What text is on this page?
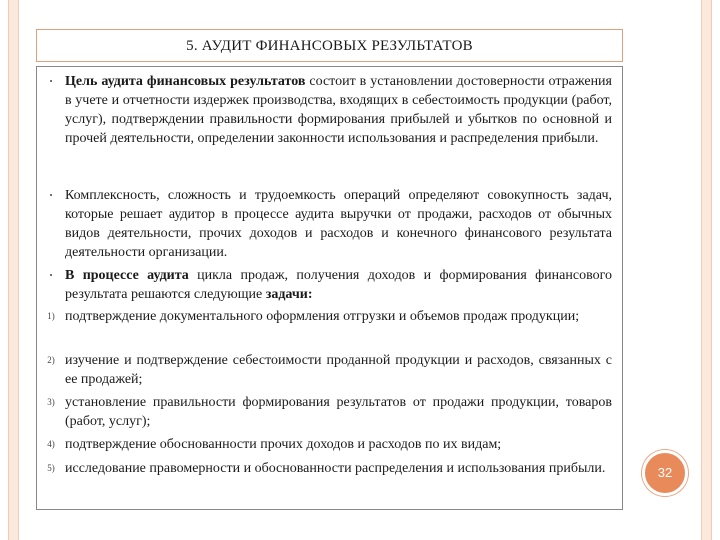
5. АУДИТ ФИНАНСОВЫХ РЕЗУЛЬТАТОВ
• Цель аудита финансовых результатов состоит в установлении достоверности отражения в учете и отчетности издержек производства, входящих в себестоимость продукции (работ, услуг), подтверждении правильности формирования прибылей и убытков по основной и прочей деятельности, определении законности использования и распределения прибыли.
• Комплексность, сложность и трудоемкость операций определяют совокупность задач, которые решает аудитор в процессе аудита выручки от продажи, расходов от обычных видов деятельности, прочих доходов и расходов и конечного финансового результата деятельности организации.
• В процессе аудита цикла продаж, получения доходов и формирования финансового результата решаются следующие задачи:
1) подтверждение документального оформления отгрузки и объемов продаж продукции;
2) изучение и подтверждение себестоимости проданной продукции и расходов, связанных с ее продажей;
3) установление правильности формирования результатов от продажи продукции, товаров (работ, услуг);
4) подтверждение обоснованности прочих доходов и расходов по их видам;
5) исследование правомерности и обоснованности распределения и использования прибыли.	32
